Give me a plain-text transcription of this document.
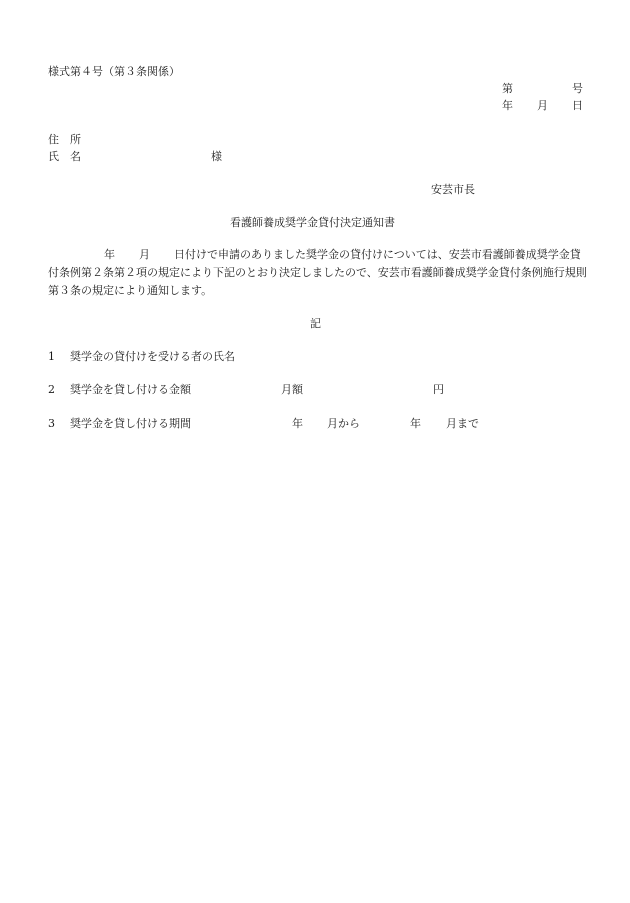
様式第４号（第３条関係）
第	号
年 月 日
住　所
氏　名	様
安芸市長
看護師養成奨学金貸付決定通知書
年 月 日付けで申請のありました奨学金の貸付けについては、安芸市看護師養成奨学金貸付条例第２条第２項の規定により下記のとおり決定しましたので、安芸市看護師養成奨学金貸付条例施行規則第３条の規定により通知します。
記
1 奨学金の貸付けを受ける者の氏名
2 奨学金を貸し付ける金額	月額	円
3 奨学金を貸し付ける期間	年 月から	年 月まで
